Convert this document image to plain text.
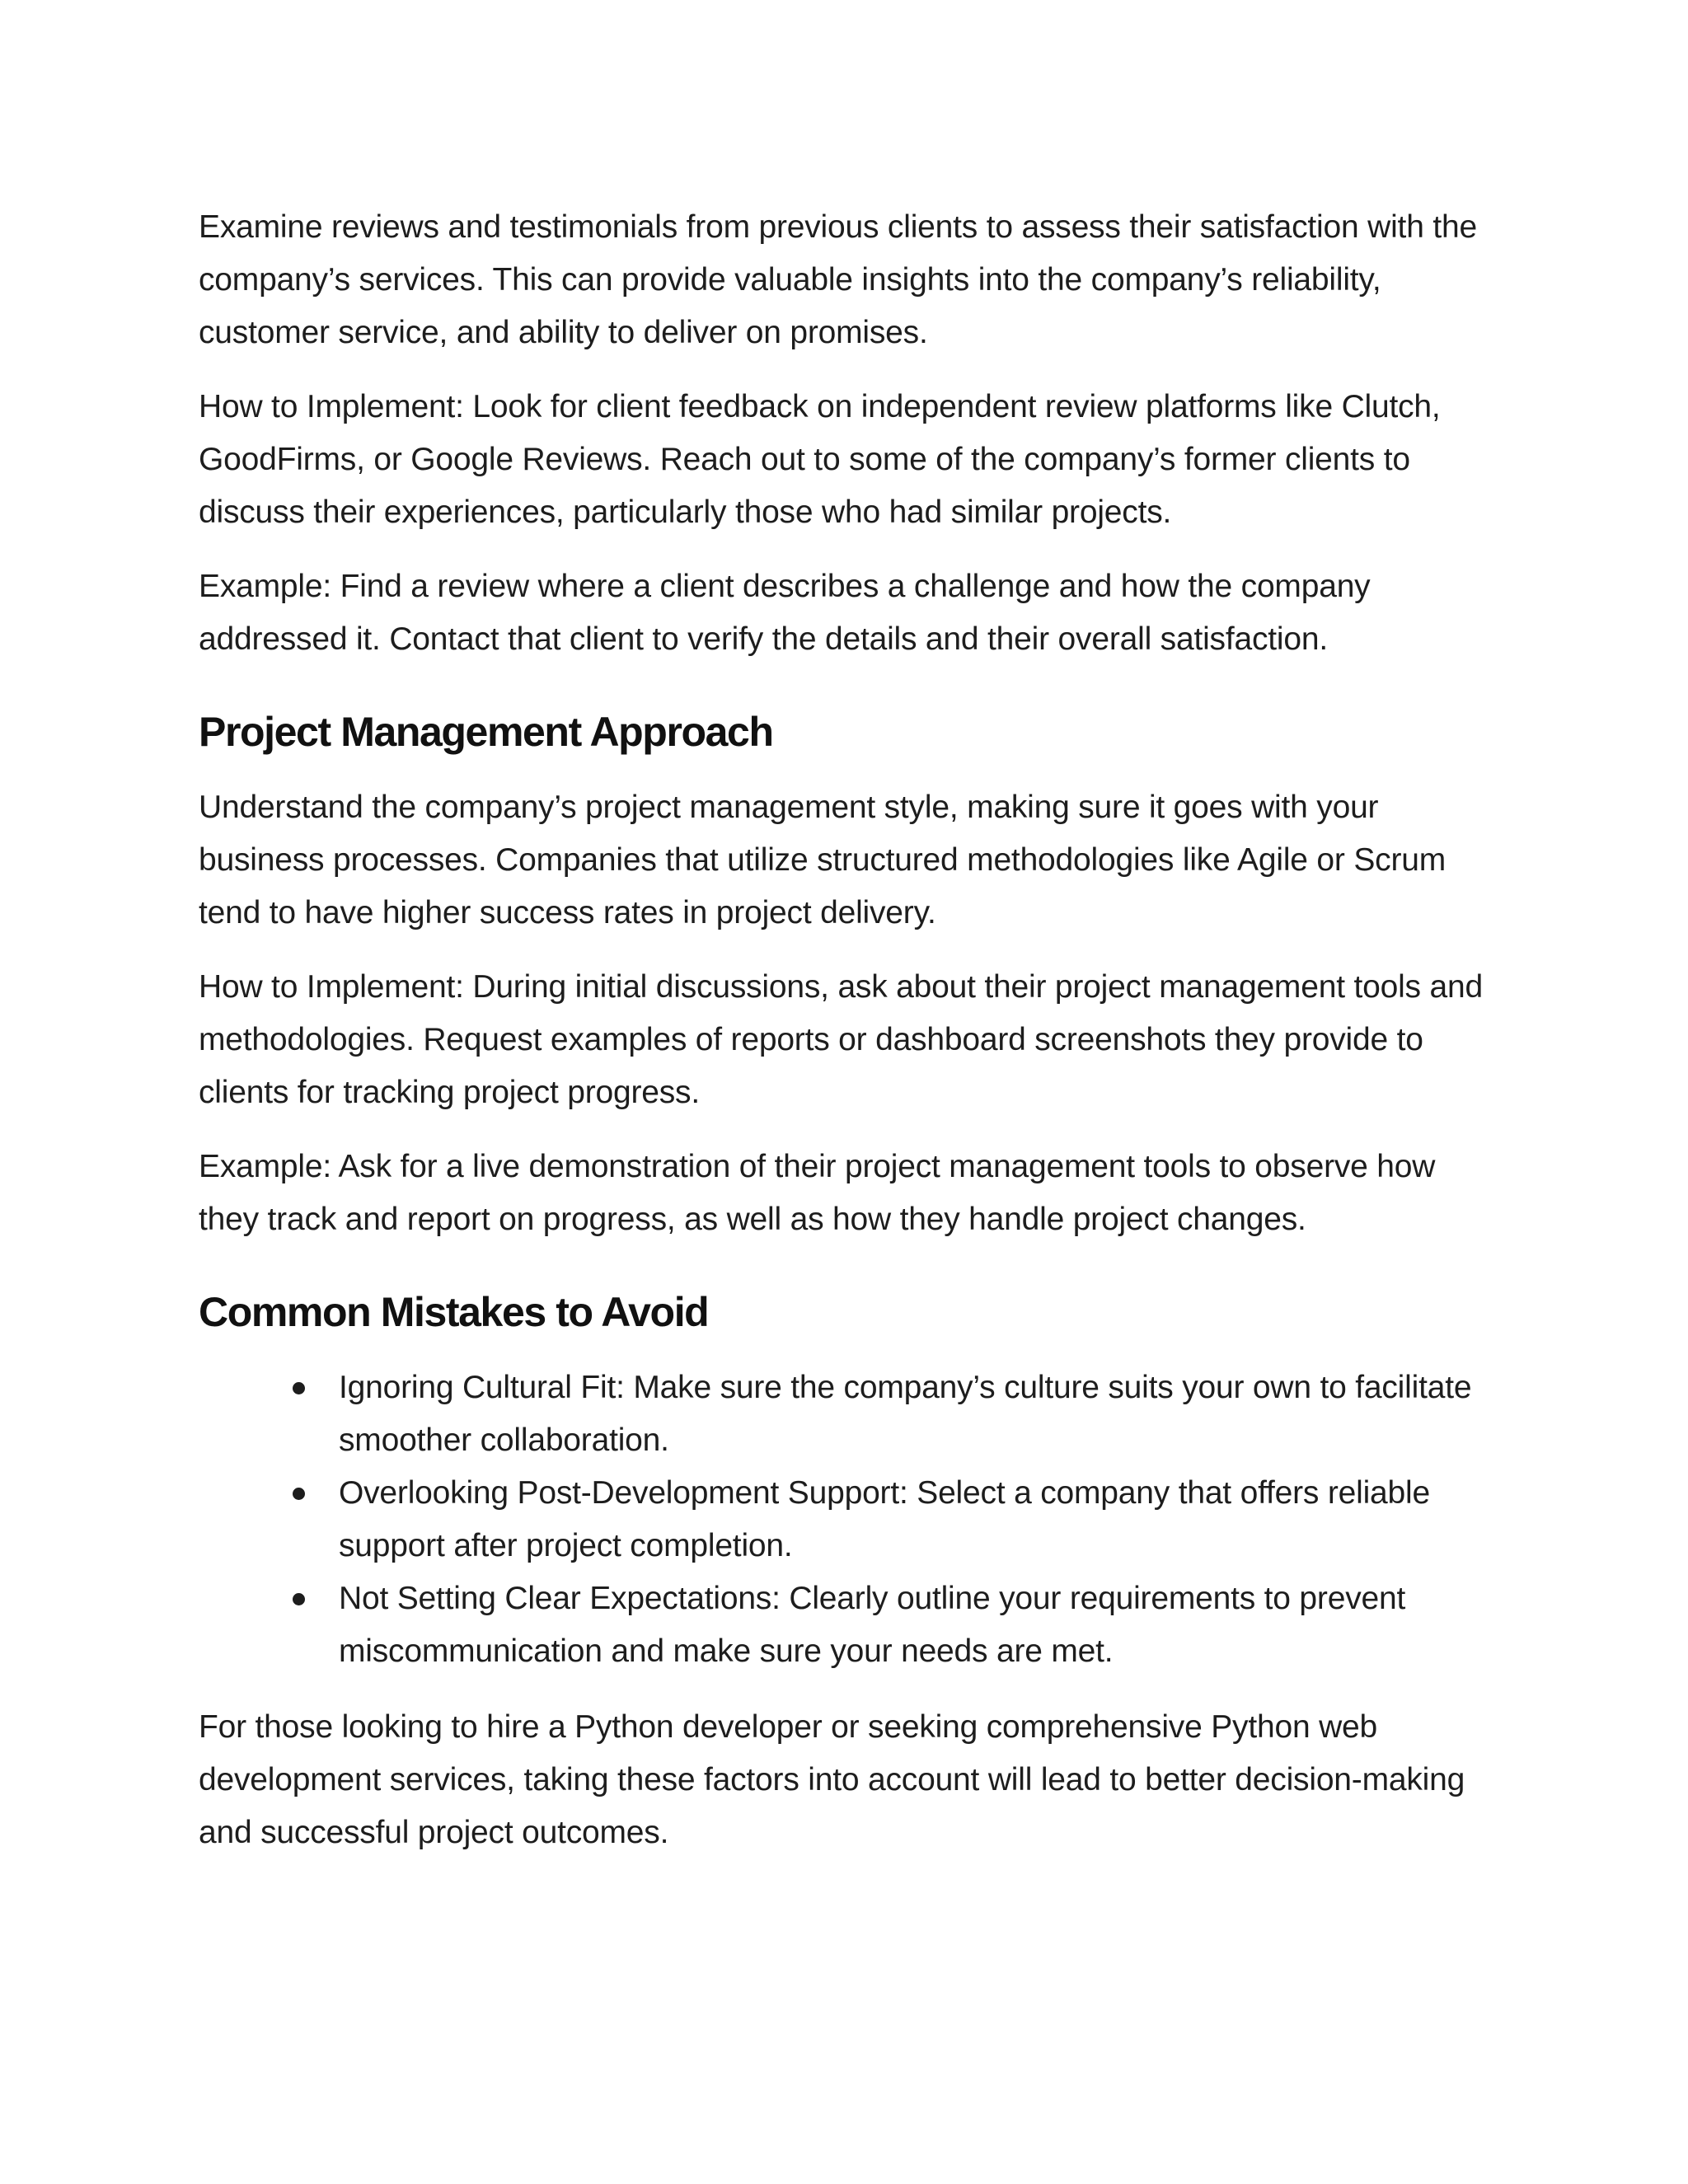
Examine reviews and testimonials from previous clients to assess their satisfaction with the company’s services. This can provide valuable insights into the company’s reliability, customer service, and ability to deliver on promises.

How to Implement: Look for client feedback on independent review platforms like Clutch, GoodFirms, or Google Reviews. Reach out to some of the company’s former clients to discuss their experiences, particularly those who had similar projects.

Example: Find a review where a client describes a challenge and how the company addressed it. Contact that client to verify the details and their overall satisfaction.

Project Management Approach

Understand the company’s project management style, making sure it goes with your business processes. Companies that utilize structured methodologies like Agile or Scrum tend to have higher success rates in project delivery.

How to Implement: During initial discussions, ask about their project management tools and methodologies. Request examples of reports or dashboard screenshots they provide to clients for tracking project progress.

Example: Ask for a live demonstration of their project management tools to observe how they track and report on progress, as well as how they handle project changes.

Common Mistakes to Avoid
Ignoring Cultural Fit: Make sure the company’s culture suits your own to facilitate smoother collaboration.
Overlooking Post-Development Support: Select a company that offers reliable support after project completion.
Not Setting Clear Expectations: Clearly outline your requirements to prevent miscommunication and make sure your needs are met.

For those looking to hire a Python developer or seeking comprehensive Python web development services, taking these factors into account will lead to better decision-making and successful project outcomes.
